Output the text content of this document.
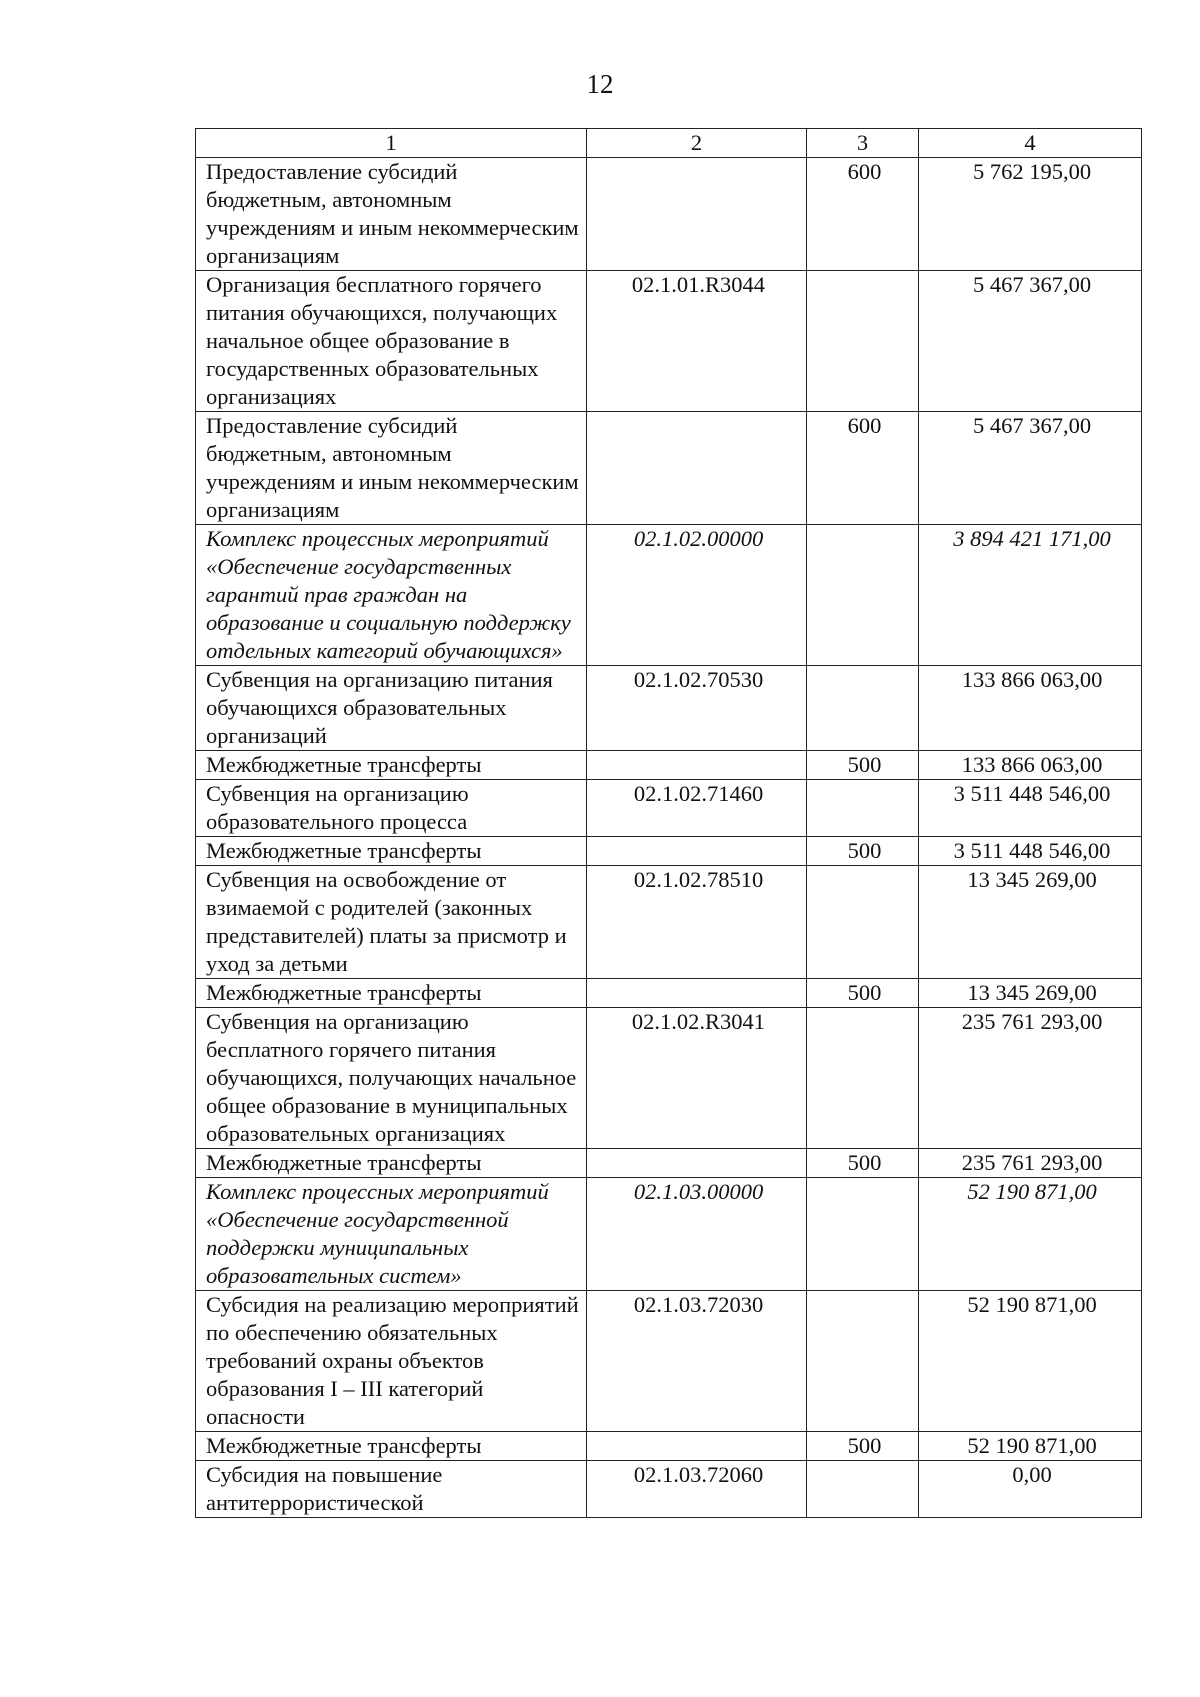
12
1	2	3	4
Предоставление субсидий бюджетным, автономным учреждениям и иным некоммерческим организациям		600	5 762 195,00
Организация бесплатного горячего питания обучающихся, получающих начальное общее образование в государственных образовательных организациях	02.1.01.R3044		5 467 367,00
Предоставление субсидий бюджетным, автономным учреждениям и иным некоммерческим организациям		600	5 467 367,00
Комплекс процессных мероприятий «Обеспечение государственных гарантий прав граждан на образование и социальную поддержку отдельных категорий обучающихся»	02.1.02.00000		3 894 421 171,00
Субвенция на организацию питания обучающихся образовательных организаций	02.1.02.70530		133 866 063,00
Межбюджетные трансферты		500	133 866 063,00
Субвенция на организацию образовательного процесса	02.1.02.71460		3 511 448 546,00
Межбюджетные трансферты		500	3 511 448 546,00
Субвенция на освобождение от взимаемой с родителей (законных представителей) платы за присмотр и уход за детьми	02.1.02.78510		13 345 269,00
Межбюджетные трансферты		500	13 345 269,00
Субвенция на организацию бесплатного горячего питания обучающихся, получающих начальное общее образование в муниципальных образовательных организациях	02.1.02.R3041		235 761 293,00
Межбюджетные трансферты		500	235 761 293,00
Комплекс процессных мероприятий «Обеспечение государственной поддержки муниципальных образовательных систем»	02.1.03.00000		52 190 871,00
Субсидия на реализацию мероприятий по обеспечению обязательных требований охраны объектов образования I – III категорий опасности	02.1.03.72030		52 190 871,00
Межбюджетные трансферты		500	52 190 871,00
Субсидия на повышение антитеррористической	02.1.03.72060		0,00
